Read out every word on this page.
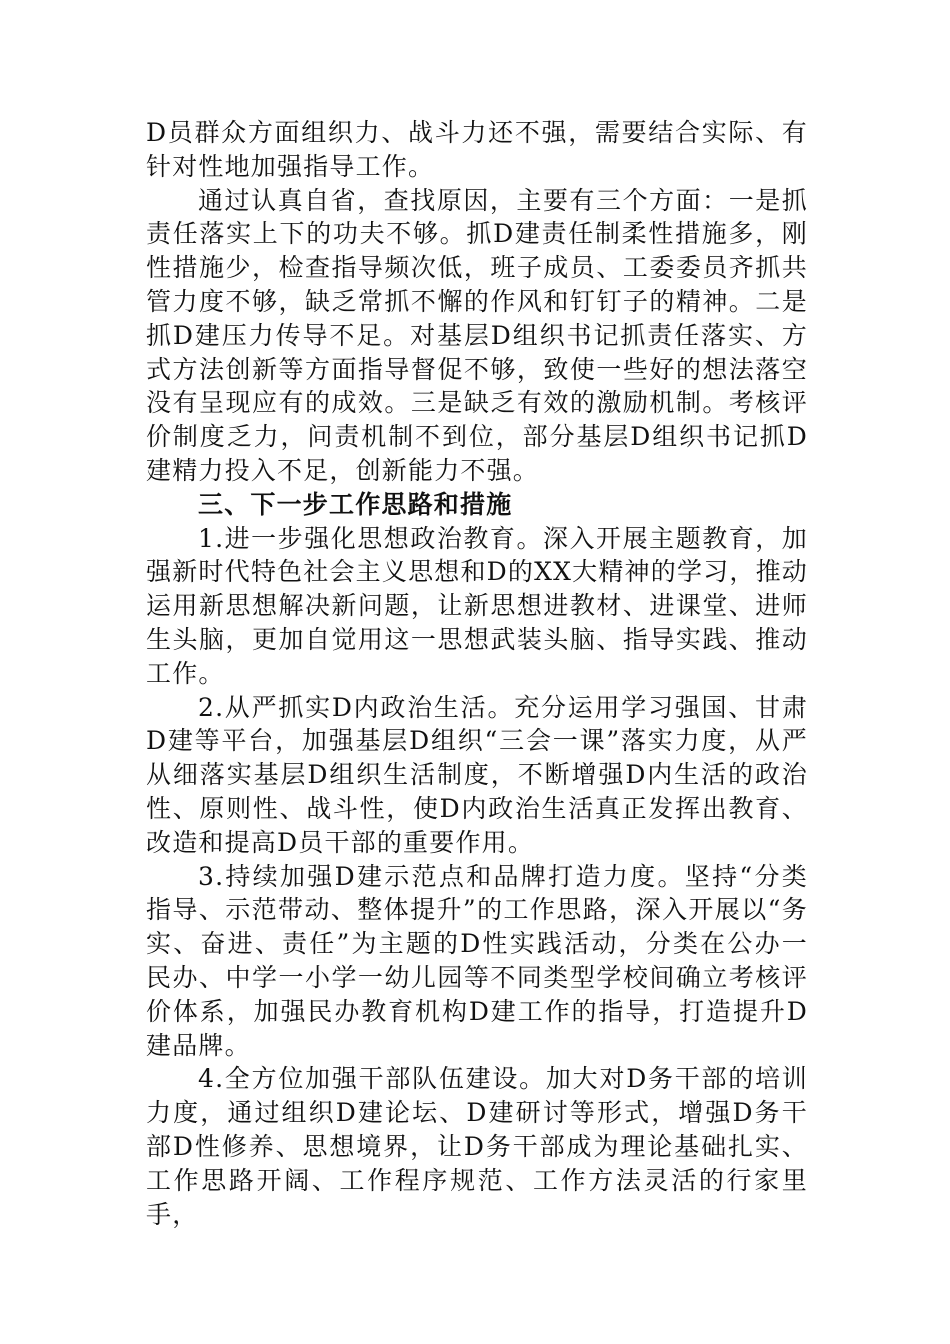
D员群众方面组织力、战斗力还不强，需要结合实际、有针对性地加强指导工作。

通过认真自省，查找原因，主要有三个方面：一是抓责任落实上下的功夫不够。抓D建责任制柔性措施多，刚性措施少，检查指导频次低，班子成员、工委委员齐抓共管力度不够，缺乏常抓不懈的作风和钉钉子的精神。二是抓D建压力传导不足。对基层D组织书记抓责任落实、方式方法创新等方面指导督促不够，致使一些好的想法落空没有呈现应有的成效。三是缺乏有效的激励机制。考核评价制度乏力，问责机制不到位，部分基层D组织书记抓D建精力投入不足，创新能力不强。

三、下一步工作思路和措施

1.进一步强化思想政治教育。深入开展主题教育，加强新时代特色社会主义思想和D的XX大精神的学习，推动运用新思想解决新问题，让新思想进教材、进课堂、进师生头脑，更加自觉用这一思想武装头脑、指导实践、推动工作。

2.从严抓实D内政治生活。充分运用学习强国、甘肃D建等平台，加强基层D组织“三会一课”落实力度，从严从细落实基层D组织生活制度，不断增强D内生活的政治性、原则性、战斗性，使D内政治生活真正发挥出教育、改造和提高D员干部的重要作用。

3.持续加强D建示范点和品牌打造力度。坚持“分类指导、示范带动、整体提升”的工作思路，深入开展以“务实、奋进、责任”为主题的D性实践活动，分类在公办一民办、中学一小学一幼儿园等不同类型学校间确立考核评价体系，加强民办教育机构D建工作的指导，打造提升D建品牌。

4.全方位加强干部队伍建设。加大对D务干部的培训力度，通过组织D建论坛、D建研讨等形式，增强D务干部D性修养、思想境界，让D务干部成为理论基础扎实、工作思路开阔、工作程序规范、工作方法灵活的行家里手，
